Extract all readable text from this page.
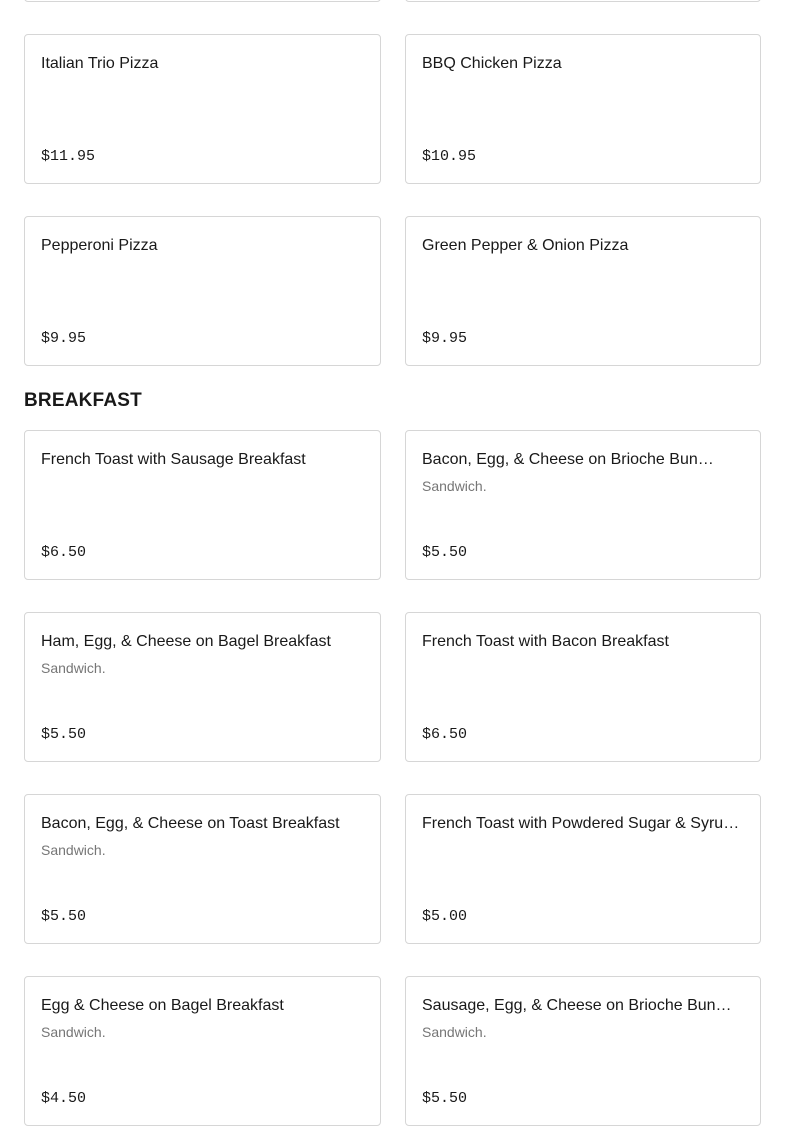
Italian Trio Pizza
$11.95
BBQ Chicken Pizza
$10.95
Pepperoni Pizza
$9.95
Green Pepper & Onion Pizza
$9.95
BREAKFAST
French Toast with Sausage Breakfast
$6.50
Bacon, Egg, & Cheese on Brioche Bun…
Sandwich.
$5.50
Ham, Egg, & Cheese on Bagel Breakfast
Sandwich.
$5.50
French Toast with Bacon Breakfast
$6.50
Bacon, Egg, & Cheese on Toast Breakfast
Sandwich.
$5.50
French Toast with Powdered Sugar & Syru…
$5.00
Egg & Cheese on Bagel Breakfast
Sandwich.
$4.50
Sausage, Egg, & Cheese on Brioche Bun…
Sandwich.
$5.50
